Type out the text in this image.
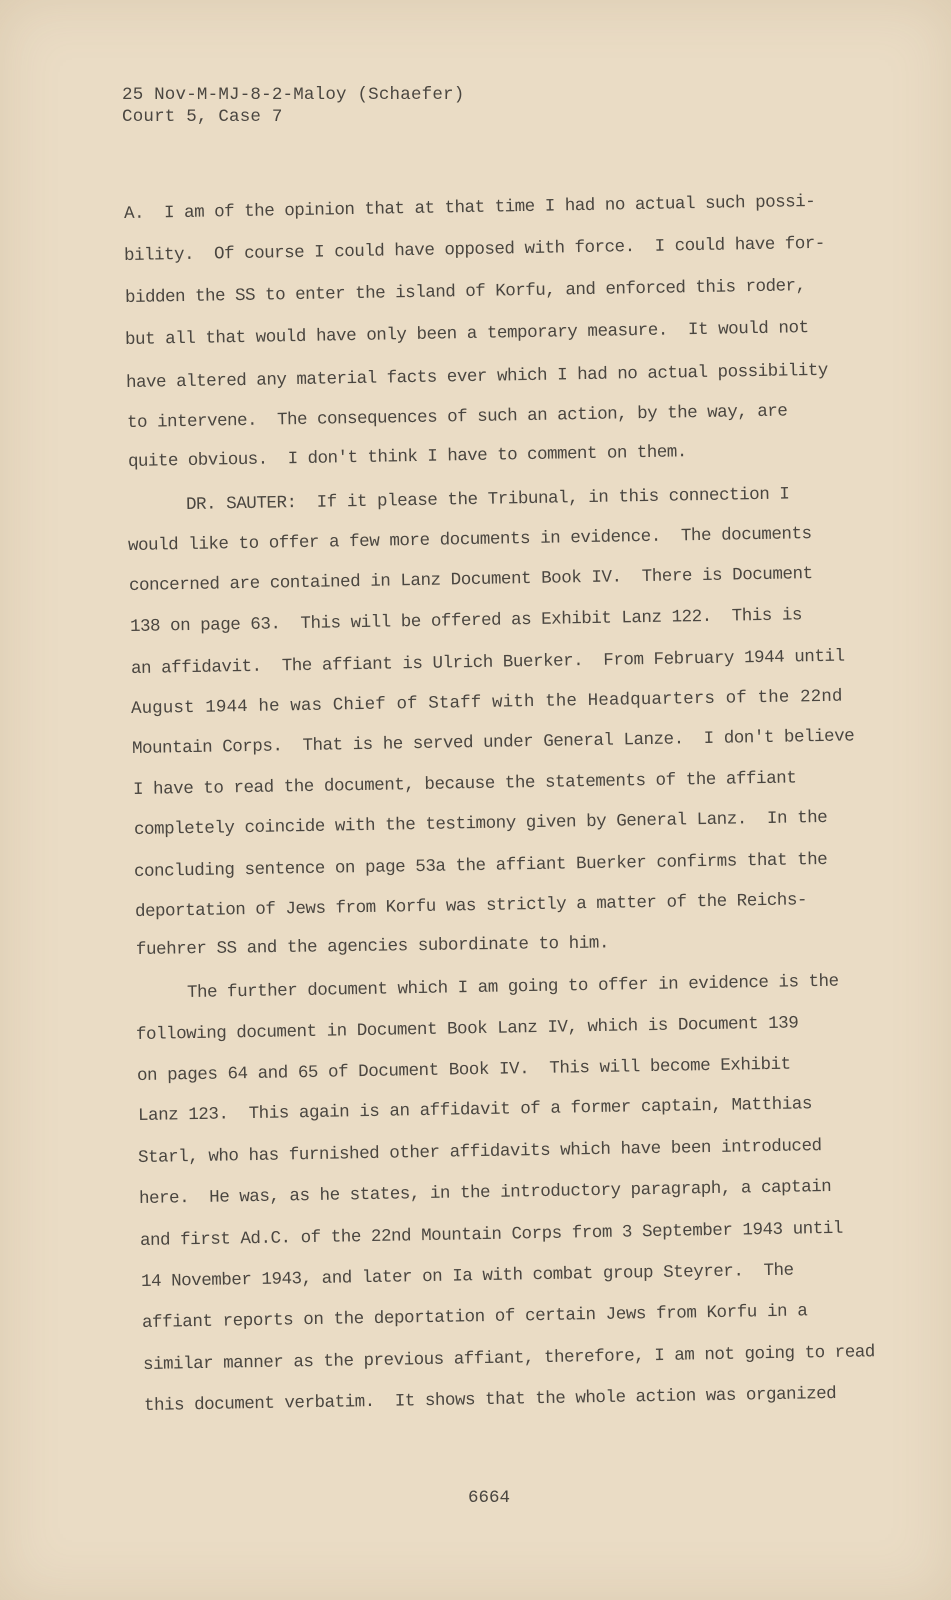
25 Nov-M-MJ-8-2-Maloy (Schaefer)
Court 5, Case 7
A.  I am of the opinion that at that time I had no actual such possi-
bility.  Of course I could have opposed with force.  I could have for-
bidden the SS to enter the island of Korfu, and enforced this roder,
but all that would have only been a temporary measure.  It would not
have altered any material facts ever which I had no actual possibility
to intervene.  The consequences of such an action, by the way, are
quite obvious.  I don't think I have to comment on them.
DR. SAUTER:  If it please the Tribunal, in this connection I
would like to offer a few more documents in evidence.  The documents
concerned are contained in Lanz Document Book IV.  There is Document
138 on page 63.  This will be offered as Exhibit Lanz 122.  This is
an affidavit.  The affiant is Ulrich Buerker.  From February 1944 until
August 1944 he was Chief of Staff with the Headquarters of the 22nd
Mountain Corps.  That is he served under General Lanze.  I don't believe
I have to read the document, because the statements of the affiant
completely coincide with the testimony given by General Lanz.  In the
concluding sentence on page 53a the affiant Buerker confirms that the
deportation of Jews from Korfu was strictly a matter of the Reichs-
fuehrer SS and the agencies subordinate to him.
The further document which I am going to offer in evidence is the
following document in Document Book Lanz IV, which is Document 139
on pages 64 and 65 of Document Book IV.  This will become Exhibit
Lanz 123.  This again is an affidavit of a former captain, Matthias
Starl, who has furnished other affidavits which have been introduced
here.  He was, as he states, in the introductory paragraph, a captain
and first Ad.C. of the 22nd Mountain Corps from 3 September 1943 until
14 November 1943, and later on Ia with combat group Steyrer.  The
affiant reports on the deportation of certain Jews from Korfu in a
similar manner as the previous affiant, therefore, I am not going to read
this document verbatim.  It shows that the whole action was organized
6664
